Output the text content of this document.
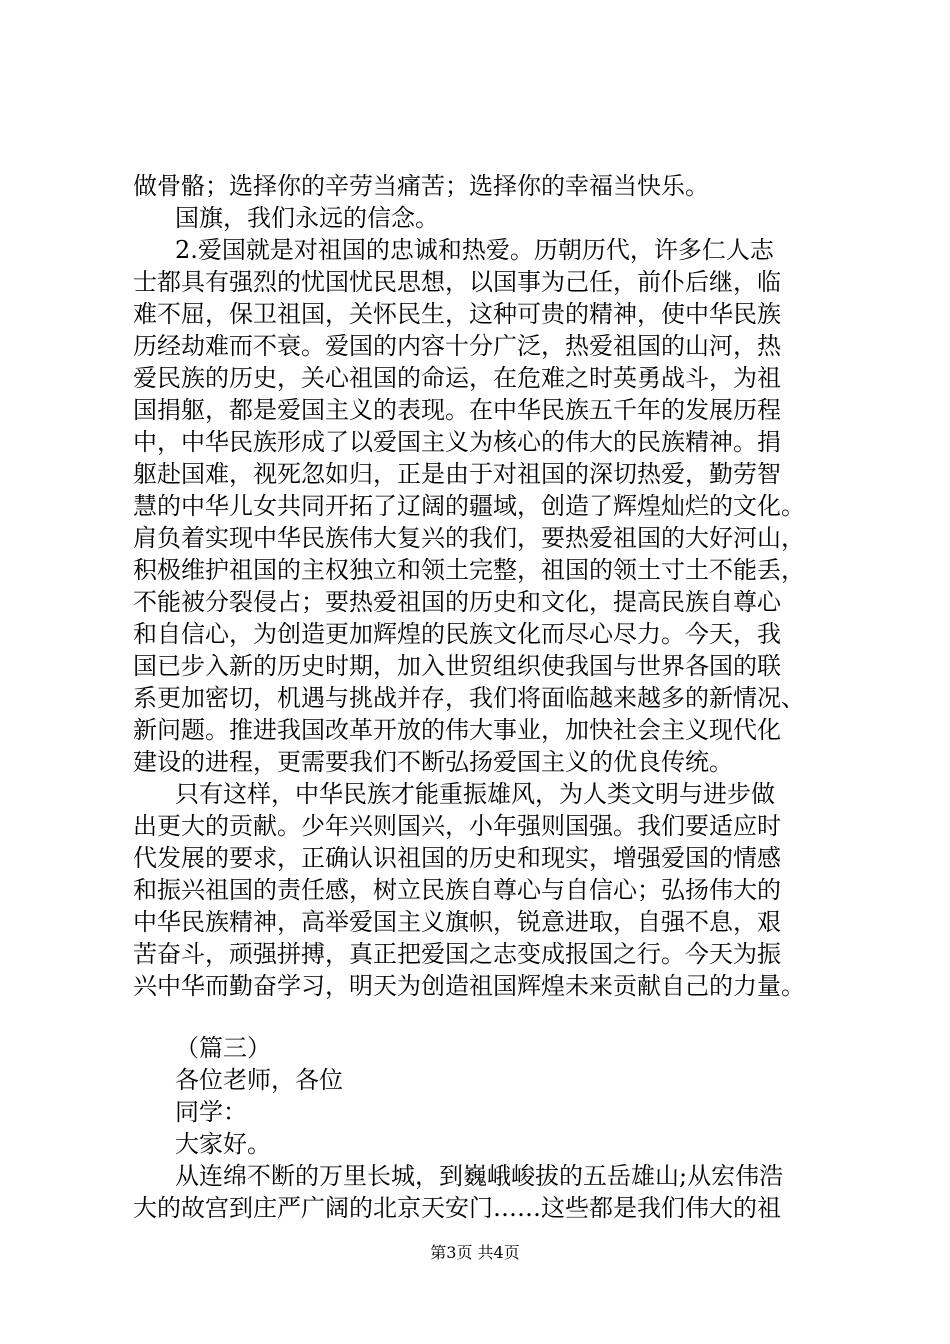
做骨骼；选择你的辛劳当痛苦；选择你的幸福当快乐。
国旗，我们永远的信念。
2.爱国就是对祖国的忠诚和热爱。历朝历代，许多仁人志
士都具有强烈的忧国忧民思想，以国事为己任，前仆后继，临
难不屈，保卫祖国，关怀民生，这种可贵的精神，使中华民族
历经劫难而不衰。爱国的内容十分广泛，热爱祖国的山河，热
爱民族的历史，关心祖国的命运，在危难之时英勇战斗，为祖
国捐躯，都是爱国主义的表现。在中华民族五千年的发展历程
中，中华民族形成了以爱国主义为核心的伟大的民族精神。捐
躯赴国难，视死忽如归，正是由于对祖国的深切热爱，勤劳智
慧的中华儿女共同开拓了辽阔的疆域，创造了辉煌灿烂的文化。
肩负着实现中华民族伟大复兴的我们，要热爱祖国的大好河山，
积极维护祖国的主权独立和领土完整，祖国的领土寸土不能丢，
不能被分裂侵占；要热爱祖国的历史和文化，提高民族自尊心
和自信心，为创造更加辉煌的民族文化而尽心尽力。今天，我
国已步入新的历史时期，加入世贸组织使我国与世界各国的联
系更加密切，机遇与挑战并存，我们将面临越来越多的新情况、
新问题。推进我国改革开放的伟大事业，加快社会主义现代化
建设的进程，更需要我们不断弘扬爱国主义的优良传统。
只有这样，中华民族才能重振雄风，为人类文明与进步做
出更大的贡献。少年兴则国兴，小年强则国强。我们要适应时
代发展的要求，正确认识祖国的历史和现实，增强爱国的情感
和振兴祖国的责任感，树立民族自尊心与自信心；弘扬伟大的
中华民族精神，高举爱国主义旗帜，锐意进取，自强不息，艰
苦奋斗，顽强拼搏，真正把爱国之志变成报国之行。今天为振
兴中华而勤奋学习，明天为创造祖国辉煌未来贡献自己的力量。
（篇三）
各位老师，各位
同学：
大家好。
从连绵不断的万里长城，到巍峨峻拔的五岳雄山;从宏伟浩
大的故宫到庄严广阔的北京天安门……这些都是我们伟大的祖
第3页 共4页
